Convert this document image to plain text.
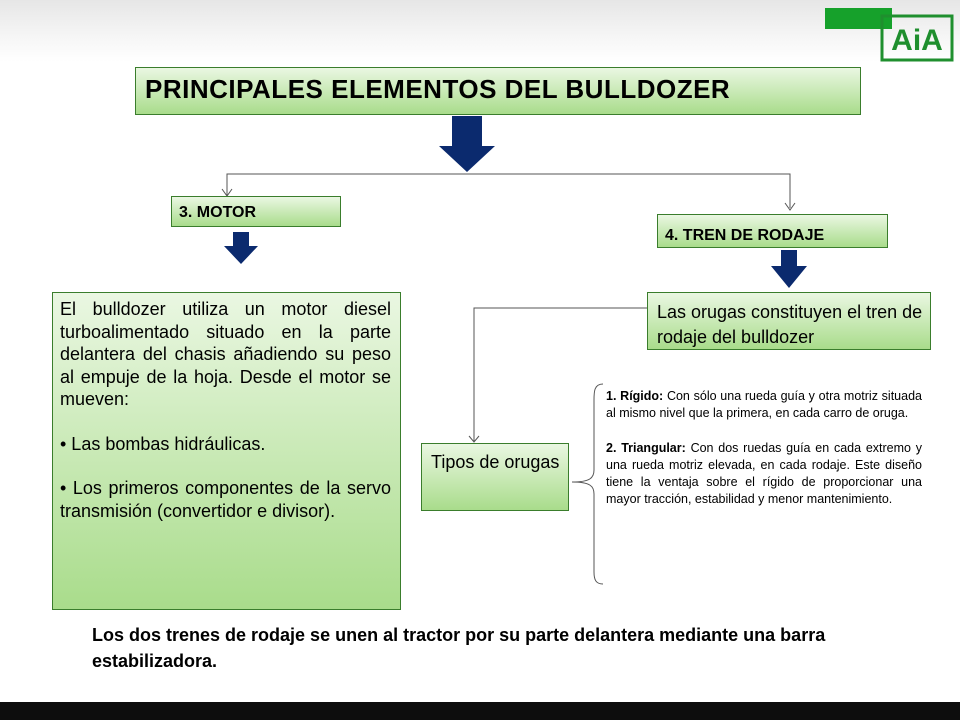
AiA
PRINCIPALES ELEMENTOS DEL BULLDOZER
3. MOTOR
4. TREN DE RODAJE

El bulldozer utiliza un motor diesel turboalimentado situado en la parte delantera del chasis añadiendo su peso al empuje de la hoja. Desde el motor se mueven:

• Las bombas hidráulicas.

• Los primeros componentes de la servo transmisión (convertidor e divisor).

Las orugas constituyen el tren de rodaje del bulldozer
Tipos de orugas

1. Rígido: Con sólo una rueda guía y otra motriz situada al mismo nivel que la primera, en cada carro de oruga.

2. Triangular: Con dos ruedas guía en cada extremo y una rueda motriz elevada, en cada rodaje. Este diseño tiene la ventaja sobre el rígido de proporcionar una mayor tracción, estabilidad y menor mantenimiento.

Los dos trenes de rodaje se unen al tractor por su parte delantera mediante una barra estabilizadora.
